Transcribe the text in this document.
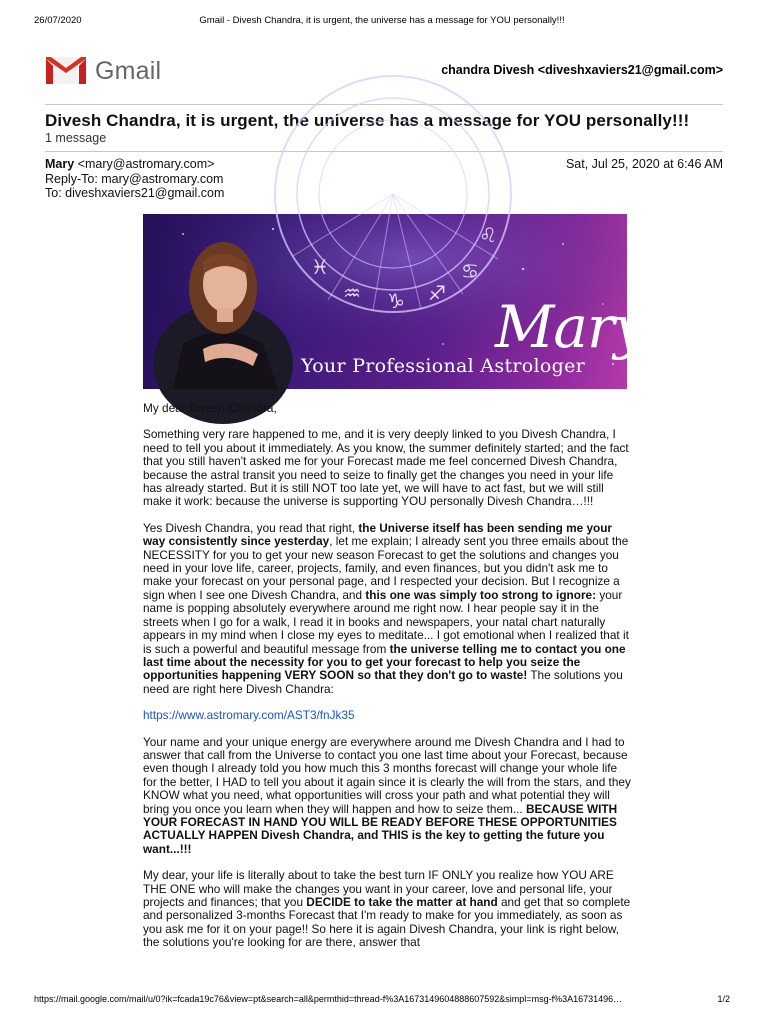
26/07/2020	Gmail - Divesh Chandra, it is urgent, the universe has a message for YOU personally!!!
Gmail	chandra Divesh <diveshxaviers21@gmail.com>
Divesh Chandra, it is urgent, the universe has a message for YOU personally!!!
1 message
Mary <mary@astromary.com>
Reply-To: mary@astromary.com
To: diveshxaviers21@gmail.com
Sat, Jul 25, 2020 at 6:46 AM
♓
♒ ♑ ♐
♋
♌
Mary
Your Professional Astrologer

My dear Divesh Chandra,

Something very rare happened to me, and it is very deeply linked to you Divesh Chandra, I need to tell you about it immediately. As you know, the summer definitely started; and the fact that you still haven't asked me for your Forecast made me feel concerned Divesh Chandra, because the astral transit you need to seize to finally get the changes you need in your life has already started. But it is still NOT too late yet, we will have to act fast, but we will still make it work: because the universe is supporting YOU personally Divesh Chandra…!!!

Yes Divesh Chandra, you read that right, the Universe itself has been sending me your way consistently since yesterday, let me explain; I already sent you three emails about the NECESSITY for you to get your new season Forecast to get the solutions and changes you need in your love life, career, projects, family, and even finances, but you didn't ask me to make your forecast on your personal page, and I respected your decision. But I recognize a sign when I see one Divesh Chandra, and this one was simply too strong to ignore: your name is popping absolutely everywhere around me right now. I hear people say it in the streets when I go for a walk, I read it in books and newspapers, your natal chart naturally appears in my mind when I close my eyes to meditate... I got emotional when I realized that it is such a powerful and beautiful message from the universe telling me to contact you one last time about the necessity for you to get your forecast to help you seize the opportunities happening VERY SOON so that they don't go to waste! The solutions you need are right here Divesh Chandra:

https://www.astromary.com/AST3/fnJk35

Your name and your unique energy are everywhere around me Divesh Chandra and I had to answer that call from the Universe to contact you one last time about your Forecast, because even though I already told you how much this 3 months forecast will change your whole life for the better, I HAD to tell you about it again since it is clearly the will from the stars, and they KNOW what you need, what opportunities will cross your path and what potential they will bring you once you learn when they will happen and how to seize them... BECAUSE WITH YOUR FORECAST IN HAND YOU WILL BE READY BEFORE THESE OPPORTUNITIES ACTUALLY HAPPEN Divesh Chandra, and THIS is the key to getting the future you want...!!!

My dear, your life is literally about to take the best turn IF ONLY you realize how YOU ARE THE ONE who will make the changes you want in your career, love and personal life, your projects and finances; that you DECIDE to take the matter at hand and get that so complete and personalized 3-months Forecast that I'm ready to make for you immediately, as soon as you ask me for it on your page!! So here it is again Divesh Chandra, your link is right below, the solutions you're looking for are there, answer that

https://mail.google.com/mail/u/0?ik=fcada19c76&view=pt&search=all&permthid=thread-f%3A1673149604888607592&simpl=msg-f%3A16731496…	1/2
